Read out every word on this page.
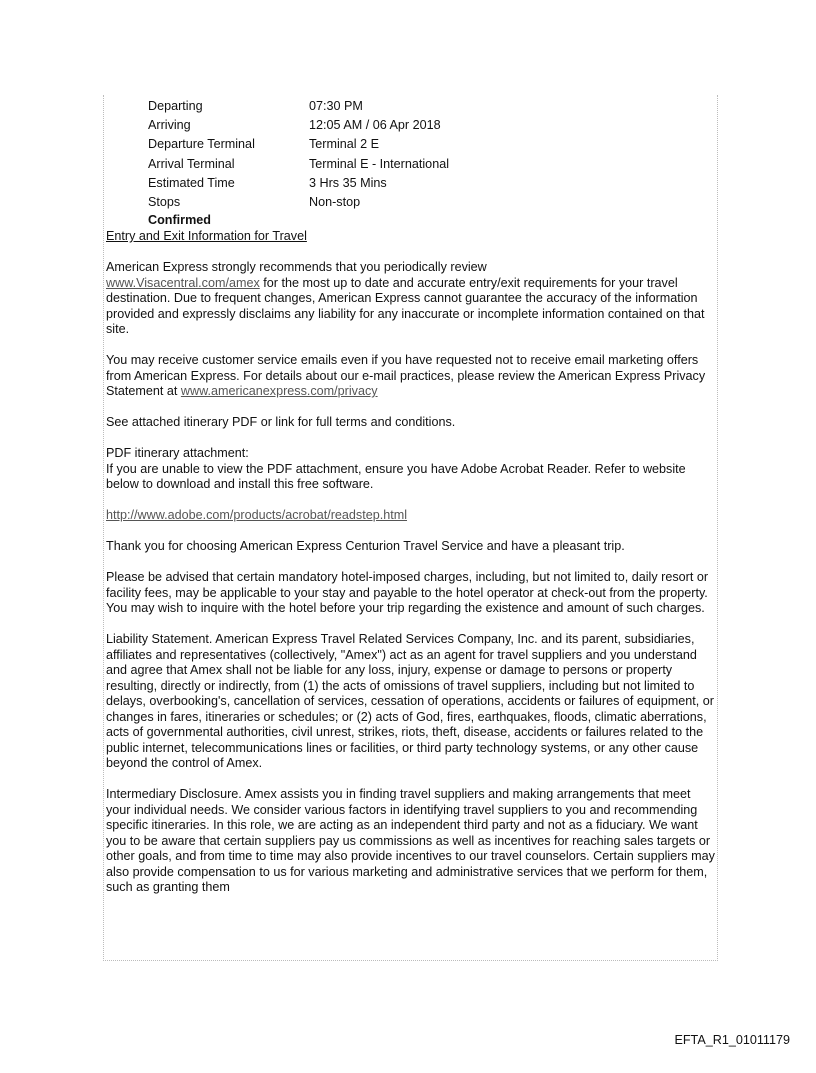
Departing	07:30 PM
Arriving	12:05 AM / 06 Apr 2018
Departure Terminal	Terminal 2 E
Arrival Terminal	Terminal E - International
Estimated Time	3 Hrs 35 Mins
Stops	Non-stop
Confirmed
Entry and Exit Information for Travel

American Express strongly recommends that you periodically review
www.Visacentral.com/amex for the most up to date and accurate entry/exit requirements for your travel destination. Due to frequent changes, American Express cannot guarantee the accuracy of the information provided and expressly disclaims any liability for any inaccurate or incomplete information contained on that site.

You may receive customer service emails even if you have requested not to receive email marketing offers from American Express. For details about our e-mail practices, please review the American Express Privacy Statement at www.americanexpress.com/privacy

See attached itinerary PDF or link for full terms and conditions.

PDF itinerary attachment:
If you are unable to view the PDF attachment, ensure you have Adobe Acrobat Reader. Refer to website below to download and install this free software.

http://www.adobe.com/products/acrobat/readstep.html

Thank you for choosing American Express Centurion Travel Service and have a pleasant trip.

Please be advised that certain mandatory hotel-imposed charges, including, but not limited to, daily resort or facility fees, may be applicable to your stay and payable to the hotel operator at check-out from the property. You may wish to inquire with the hotel before your trip regarding the existence and amount of such charges.

Liability Statement. American Express Travel Related Services Company, Inc. and its parent, subsidiaries, affiliates and representatives (collectively, "Amex") act as an agent for travel suppliers and you understand and agree that Amex shall not be liable for any loss, injury, expense or damage to persons or property resulting, directly or indirectly, from (1) the acts of omissions of travel suppliers, including but not limited to delays, overbooking's, cancellation of services, cessation of operations, accidents or failures of equipment, or changes in fares, itineraries or schedules; or (2) acts of God, fires, earthquakes, floods, climatic aberrations, acts of governmental authorities, civil unrest, strikes, riots, theft, disease, accidents or failures related to the public internet, telecommunications lines or facilities, or third party technology systems, or any other cause beyond the control of Amex.

Intermediary Disclosure. Amex assists you in finding travel suppliers and making arrangements that meet your individual needs. We consider various factors in identifying travel suppliers to you and recommending specific itineraries. In this role, we are acting as an independent third party and not as a fiduciary. We want you to be aware that certain suppliers pay us commissions as well as incentives for reaching sales targets or other goals, and from time to time may also provide incentives to our travel counselors. Certain suppliers may also provide compensation to us for various marketing and administrative services that we perform for them, such as granting them

EFTA_R1_01011179
